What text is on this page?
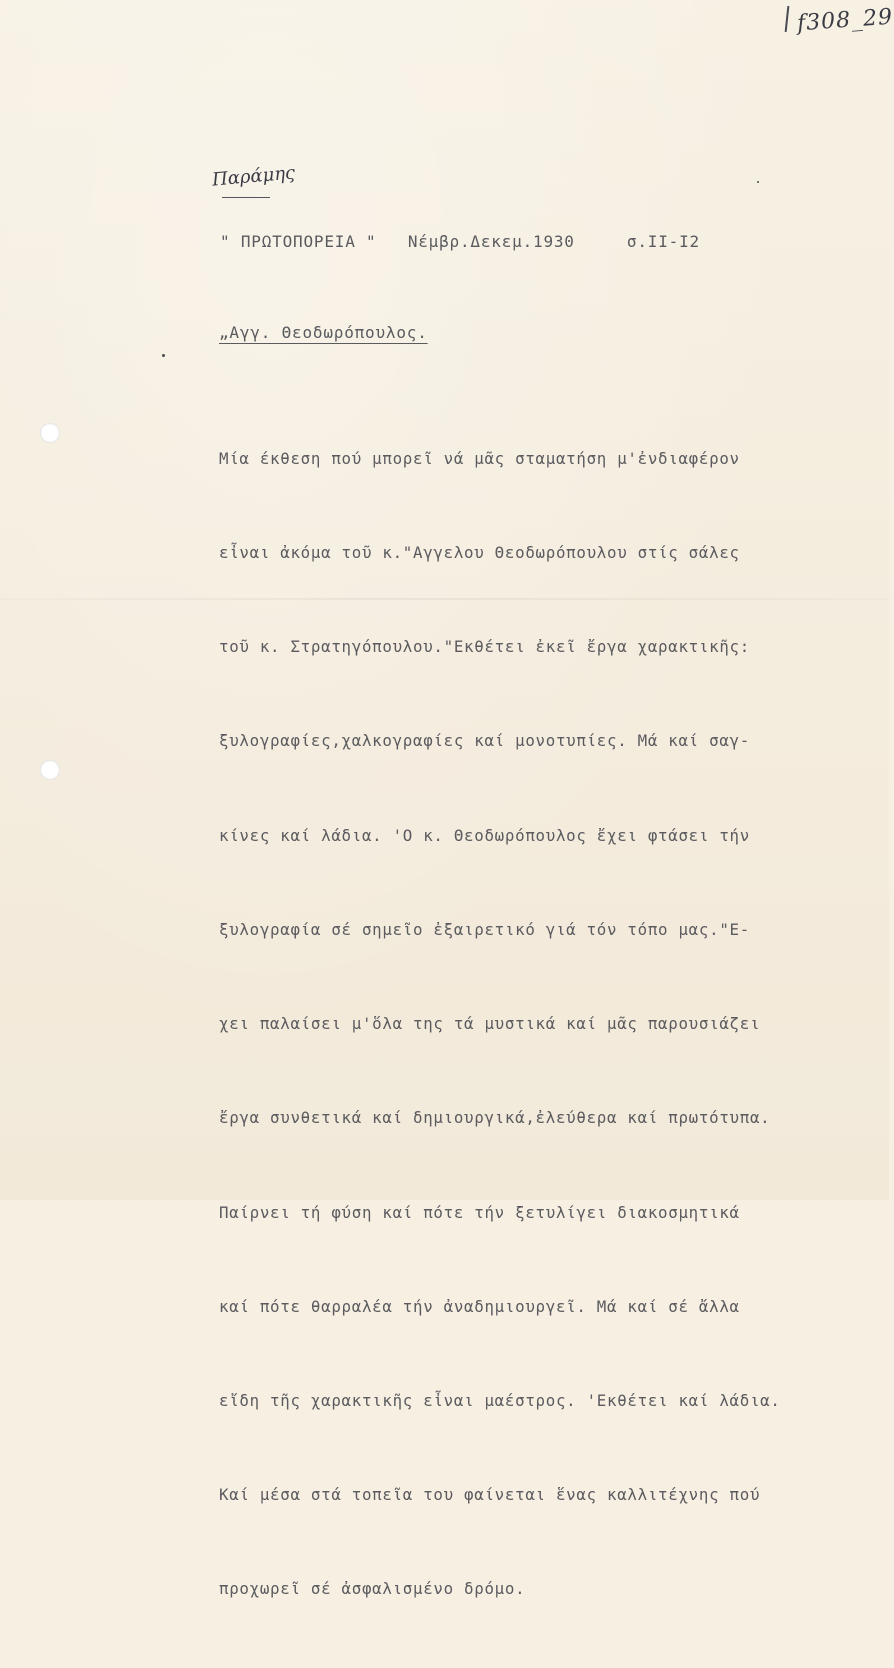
f308_29
Παράμης
" ΠΡΩΤΟΠΟΡΕΙΑ " Νέμβρ.Δεκεμ.1930	σ.ΙΙ-Ι2
„Αγγ. Θεοδωρόπουλος.

Μία έκθεση πού μπορεῖ νά μᾶς σταματήση μ'ἐνδιαφέρον

εἶναι ἀκόμα τοῦ κ."Αγγελου Θεοδωρόπουλου στίς σάλες

τοῦ κ. Στρατηγόπουλου."Εκθέτει ἐκεῖ ἔργα χαρακτικῆς:

ξυλογραφίες,χαλκογραφίες καί μονοτυπίες. Μά καί σαγ-

κίνες καί λάδια. 'Ο κ. Θεοδωρόπουλος ἔχει φτάσει τήν

ξυλογραφία σέ σημεῖο ἐξαιρετικό γιά τόν τόπο μας."Ε-

χει παλαίσει μ'ὅλα της τά μυστικά καί μᾶς παρουσιάζει

ἔργα συνθετικά καί δημιουργικά,ἐλεύθερα καί πρωτότυπα.

Παίρνει τή φύση καί πότε τήν ξετυλίγει διακοσμητικά

καί πότε θαρραλέα τήν ἀναδημιουργεῖ. Μά καί σέ ἄλλα

εἴδη τῆς χαρακτικῆς εἶναι μαέστρος. 'Εκθέτει καί λάδια.

Καί μέσα στά τοπεῖα του φαίνεται ἕνας καλλιτέχνης πού

προχωρεῖ σέ ἀσφαλισμένο δρόμο.
